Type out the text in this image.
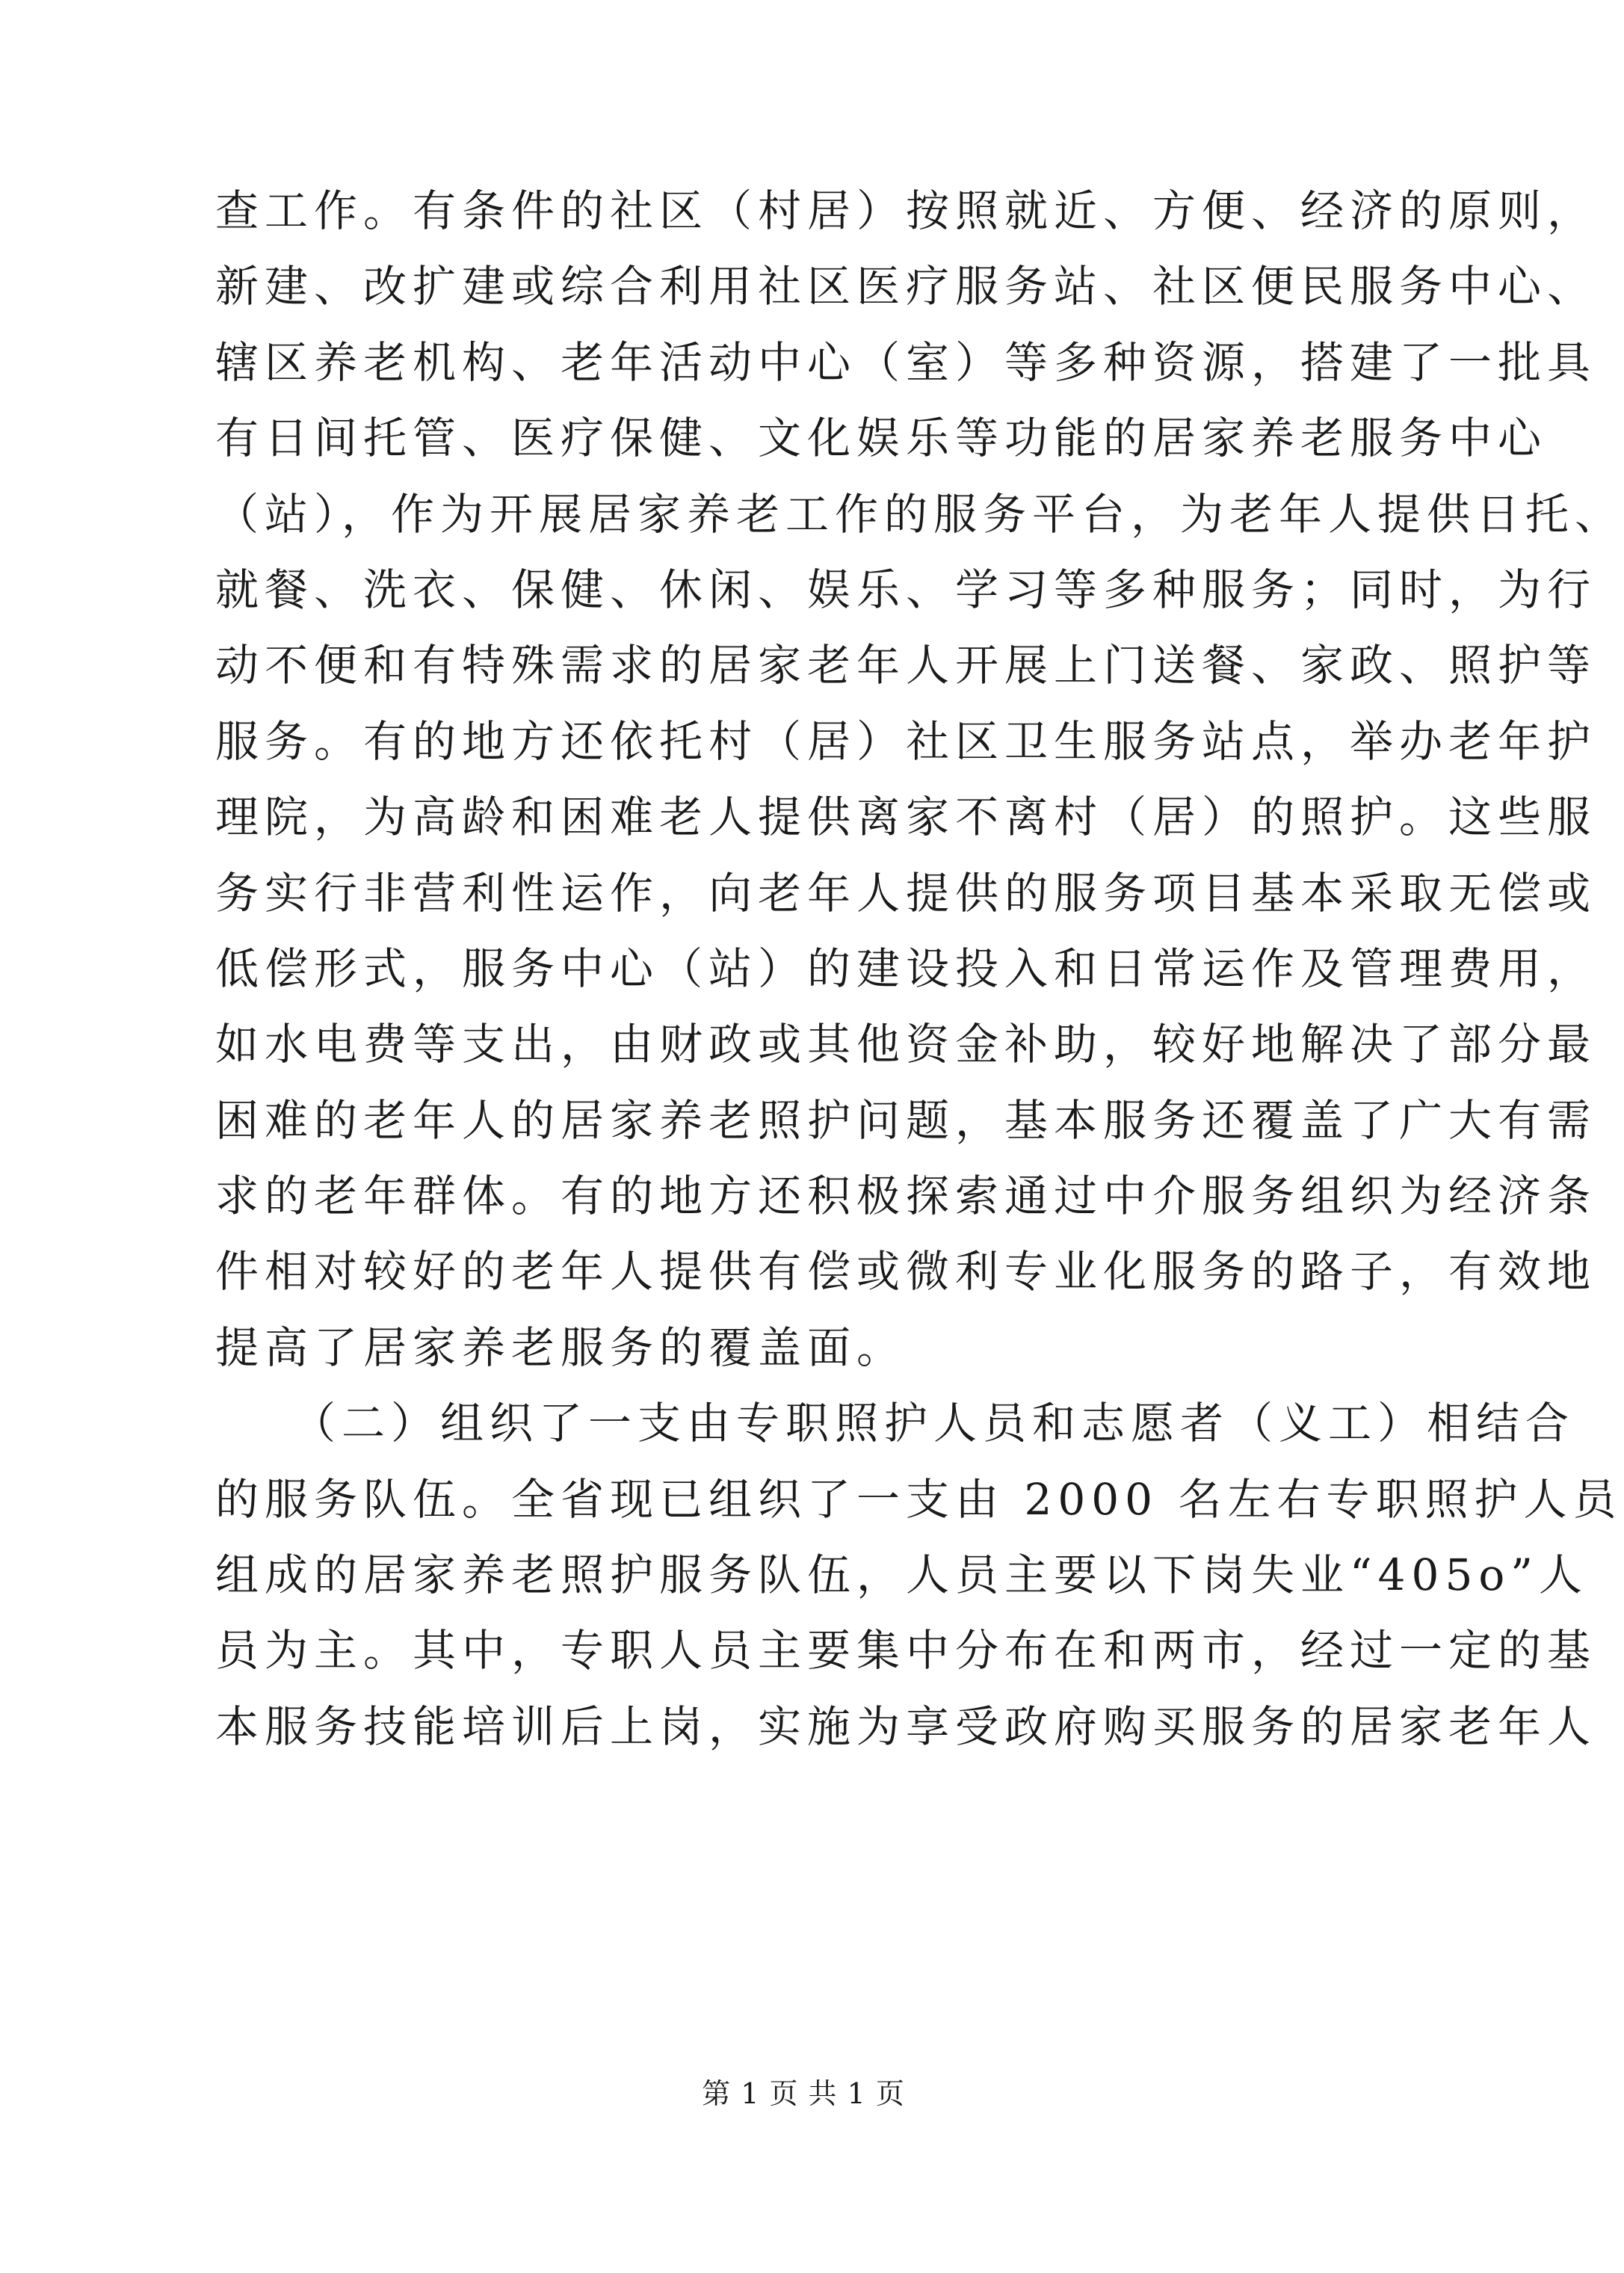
查工作。有条件的社区（村居）按照就近、方便、经济的原则，
新建、改扩建或综合利用社区医疗服务站、社区便民服务中心、
辖区养老机构、老年活动中心（室）等多种资源，搭建了一批具
有日间托管、医疗保健、文化娱乐等功能的居家养老服务中心
（站），作为开展居家养老工作的服务平台，为老年人提供日托、
就餐、洗衣、保健、休闲、娱乐、学习等多种服务；同时，为行
动不便和有特殊需求的居家老年人开展上门送餐、家政、照护等
服务。有的地方还依托村（居）社区卫生服务站点，举办老年护
理院，为高龄和困难老人提供离家不离村（居）的照护。这些服
务实行非营利性运作，向老年人提供的服务项目基本采取无偿或
低偿形式，服务中心（站）的建设投入和日常运作及管理费用，
如水电费等支出，由财政或其他资金补助，较好地解决了部分最
困难的老年人的居家养老照护问题，基本服务还覆盖了广大有需
求的老年群体。有的地方还积极探索通过中介服务组织为经济条
件相对较好的老年人提供有偿或微利专业化服务的路子，有效地
提高了居家养老服务的覆盖面。
　　（二）组织了一支由专职照护人员和志愿者（义工）相结合
的服务队伍。全省现已组织了一支由 2000 名左右专职照护人员
组成的居家养老照护服务队伍，人员主要以下岗失业“405o”人
员为主。其中，专职人员主要集中分布在和两市，经过一定的基
本服务技能培训后上岗，实施为享受政府购买服务的居家老年人
第 1 页 共 1 页
